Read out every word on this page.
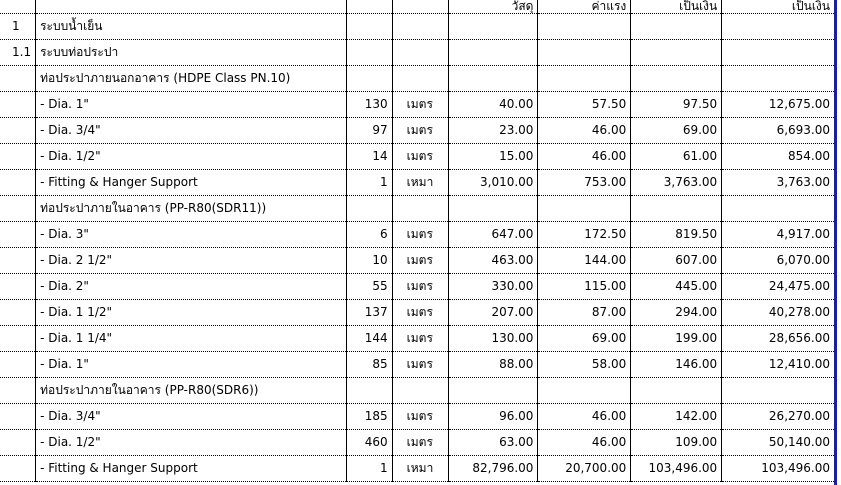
				วัสดุ	ค่าแรง	เป็นเงิน	เป็นเงิน
1	ระบบน้ำเย็น						
1.1	ระบบท่อประปา						
	ท่อประปาภายนอกอาคาร (HDPE Class PN.10)						
	- Dia. 1"	130	เมตร	40.00	57.50	97.50	12,675.00
	- Dia. 3/4"	97	เมตร	23.00	46.00	69.00	6,693.00
	- Dia. 1/2"	14	เมตร	15.00	46.00	61.00	854.00
	- Fitting & Hanger Support	1	เหมา	3,010.00	753.00	3,763.00	3,763.00
	ท่อประปาภายในอาคาร (PP-R80(SDR11))						
	- Dia. 3"	6	เมตร	647.00	172.50	819.50	4,917.00
	- Dia. 2 1/2"	10	เมตร	463.00	144.00	607.00	6,070.00
	- Dia. 2"	55	เมตร	330.00	115.00	445.00	24,475.00
	- Dia. 1 1/2"	137	เมตร	207.00	87.00	294.00	40,278.00
	- Dia. 1 1/4"	144	เมตร	130.00	69.00	199.00	28,656.00
	- Dia. 1"	85	เมตร	88.00	58.00	146.00	12,410.00
	ท่อประปาภายในอาคาร (PP-R80(SDR6))						
	- Dia. 3/4"	185	เมตร	96.00	46.00	142.00	26,270.00
	- Dia. 1/2"	460	เมตร	63.00	46.00	109.00	50,140.00
	- Fitting & Hanger Support	1	เหมา	82,796.00	20,700.00	103,496.00	103,496.00
